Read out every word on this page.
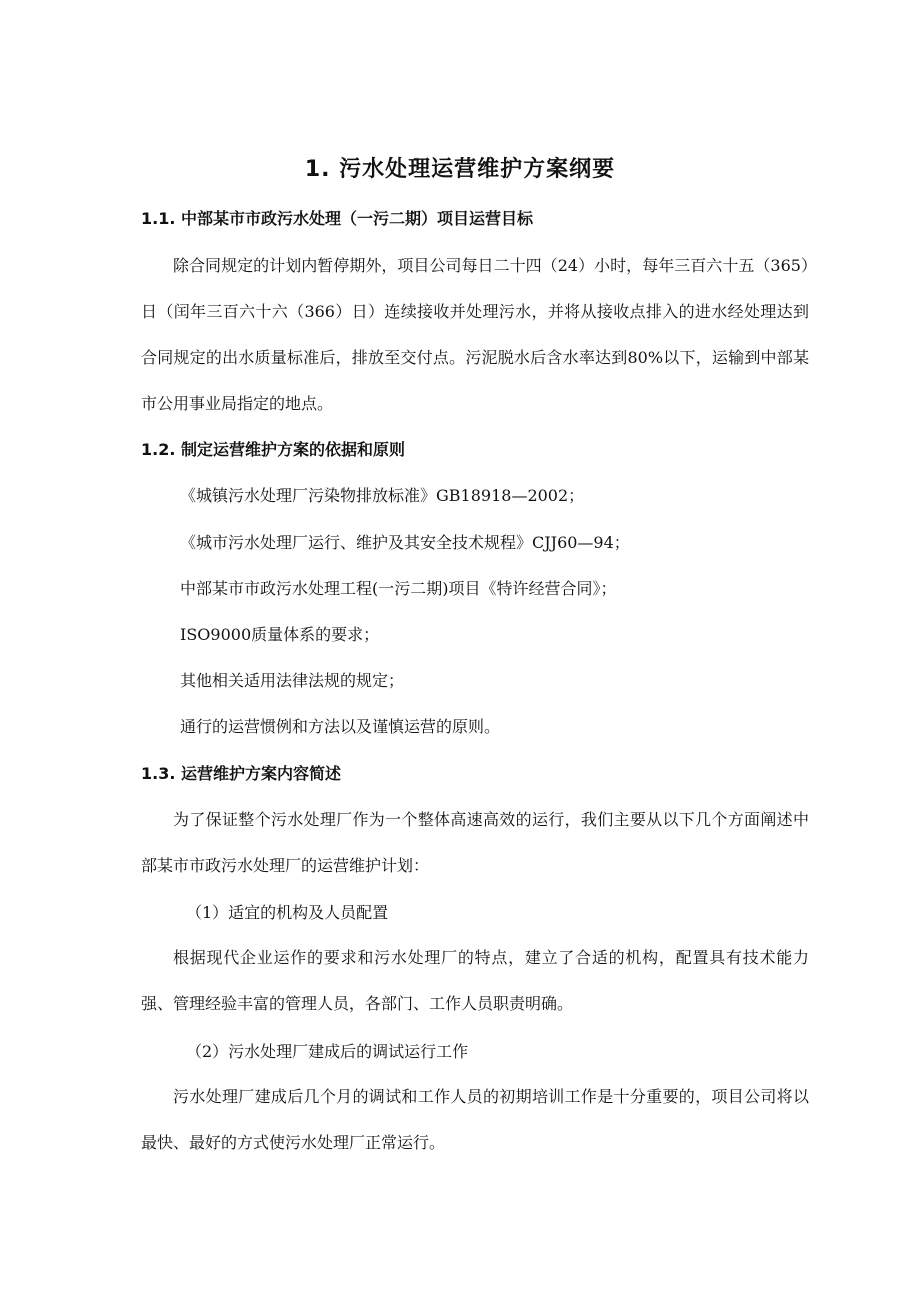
1. 污水处理运营维护方案纲要
1.1. 中部某市市政污水处理（一污二期）项目运营目标

除合同规定的计划内暂停期外，项目公司每日二十四（24）小时，每年三百六十五（365）日（闰年三百六十六（366）日）连续接收并处理污水，并将从接收点排入的进水经处理达到合同规定的出水质量标准后，排放至交付点。污泥脱水后含水率达到80%以下，运输到中部某市公用事业局指定的地点。

1.2. 制定运营维护方案的依据和原则

《城镇污水处理厂污染物排放标准》GB18918—2002；

《城市污水处理厂运行、维护及其安全技术规程》CJJ60—94；

中部某市市政污水处理工程(一污二期)项目《特许经营合同》；

ISO9000质量体系的要求；

其他相关适用法律法规的规定；

通行的运营惯例和方法以及谨慎运营的原则。

1.3. 运营维护方案内容简述

为了保证整个污水处理厂作为一个整体高速高效的运行，我们主要从以下几个方面阐述中部某市市政污水处理厂的运营维护计划：

（1）适宜的机构及人员配置

根据现代企业运作的要求和污水处理厂的特点，建立了合适的机构，配置具有技术能力强、管理经验丰富的管理人员，各部门、工作人员职责明确。

（2）污水处理厂建成后的调试运行工作

污水处理厂建成后几个月的调试和工作人员的初期培训工作是十分重要的，项目公司将以最快、最好的方式使污水处理厂正常运行。
